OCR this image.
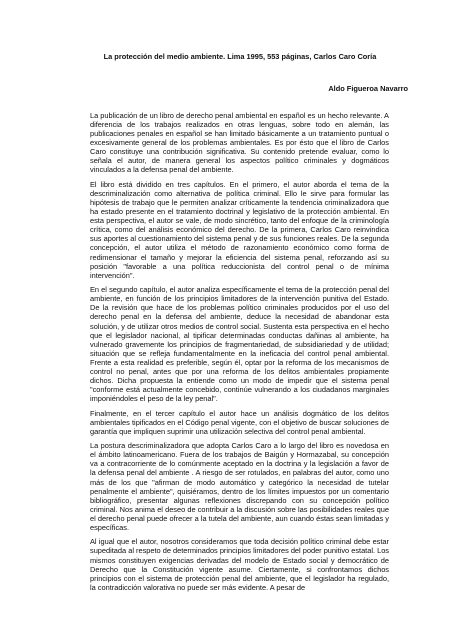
La protección del medio ambiente. Lima 1995, 553 páginas, Carlos Caro Coría
Aldo Figueroa Navarro

La publicación de un libro de derecho penal ambiental en español es un hecho relevante. A diferencia de los trabajos realizados en otras lenguas, sobre todo en alemán, las publicaciones penales en español se han limitado básicamente a un tratamiento puntual o excesivamente general de los problemas ambientales. Es por ésto que el libro de Carlos Caro constituye una contribución significativa. Su contenido pretende evaluar, como lo señala el autor, de manera general los aspectos político criminales y dogmáticos vinculados a la defensa penal del ambiente.

El libro está dividido en tres capítulos. En el primero, el autor aborda el tema de la descriminalización como alternativa de política criminal. Ello le sirve para formular las hipótesis de trabajo que le permiten analizar críticamente la tendencia criminalizadora que ha estado presente en el tratamiento doctrinal y legislativo de la protección ambiental. En esta perspectiva, el autor se vale, de modo sincrético, tanto del enfoque de la criminología crítica, como del análisis económico del derecho. De la primera, Carlos Caro reinvindica sus aportes al cuestionamiento del sistema penal y de sus funciones reales. De la segunda concepción, el autor utiliza el método de razonamiento económico como forma de redimensionar el tamaño y mejorar la eficiencia del sistema penal, reforzando así su posición "favorable a una política reduccionista del control penal o de mínima intervención".

En el segundo capítulo, el autor analiza específicamente el tema de la protección penal del ambiente, en función de los principios limitadores de la intervención punitiva del Estado. De la revisión que hace de los problemas político criminales producidos por el uso del derecho penal en la defensa del ambiente, deduce la necesidad de abandonar esta solución, y de utilizar otros medios de control social. Sustenta esta perspectiva en el hecho que el legislador nacional, al tipificar determinadas conductas dañinas al ambiente, ha vulnerado gravemente los principios de fragmentariedad, de subsidiariedad y de utilidad; situación que se refleja fundamentalmente en la ineficacia del control penal ambiental. Frente a esta realidad es preferible, según él, optar por la reforma de los mecanismos de control no penal, antes que por una reforma de los delitos ambientales propiamente dichos. Dicha propuesta la entiende como un modo de impedir que el sistema penal "conforme está actualmente concebido, continúe vulnerando a los ciudadanos marginales imponiéndoles el peso de la ley penal".

Finalmente, en el tercer capítulo el autor hace un análisis dogmático de los delitos ambientales tipificados en el Código penal vigente, con el objetivo de buscar soluciones de garantía que impliquen suprimir una utilización selectiva del control penal ambiental.

La postura descriminalizadora que adopta Carlos Caro a lo largo del libro es novedosa en el ámbito latinoamericano. Fuera de los trabajos de Baigún y Hormazabal, su concepción va a contracorriente de lo comúnmente aceptado en la doctrina y la legislación a favor de la defensa penal del ambiente . A riesgo de ser rotulados, en palabras del autor, como uno más de los que "afirman de modo automático y categórico la necesidad de tutelar penalmente el ambiente", quisiéramos, dentro de los límites impuestos por un comentario bibliográfico, presentar algunas reflexiones discrepando con su concepción político criminal. Nos anima el deseo de contribuir a la discusión sobre las posibilidades reales que el derecho penal puede ofrecer a la tutela del ambiente, aun cuando éstas sean limitadas y específicas.

Al igual que el autor, nosotros consideramos que toda decisión político criminal debe estar supeditada al respeto de determinados principios limitadores del poder punitivo estatal. Los mismos constituyen exigencias derivadas del modelo de Estado social y democrático de Derecho que la Constitución vigente asume. Ciertamente, si confrontamos dichos principios con el sistema de protección penal del ambiente, que el legislador ha regulado, la contradicción valorativa no puede ser más evidente. A pesar de
